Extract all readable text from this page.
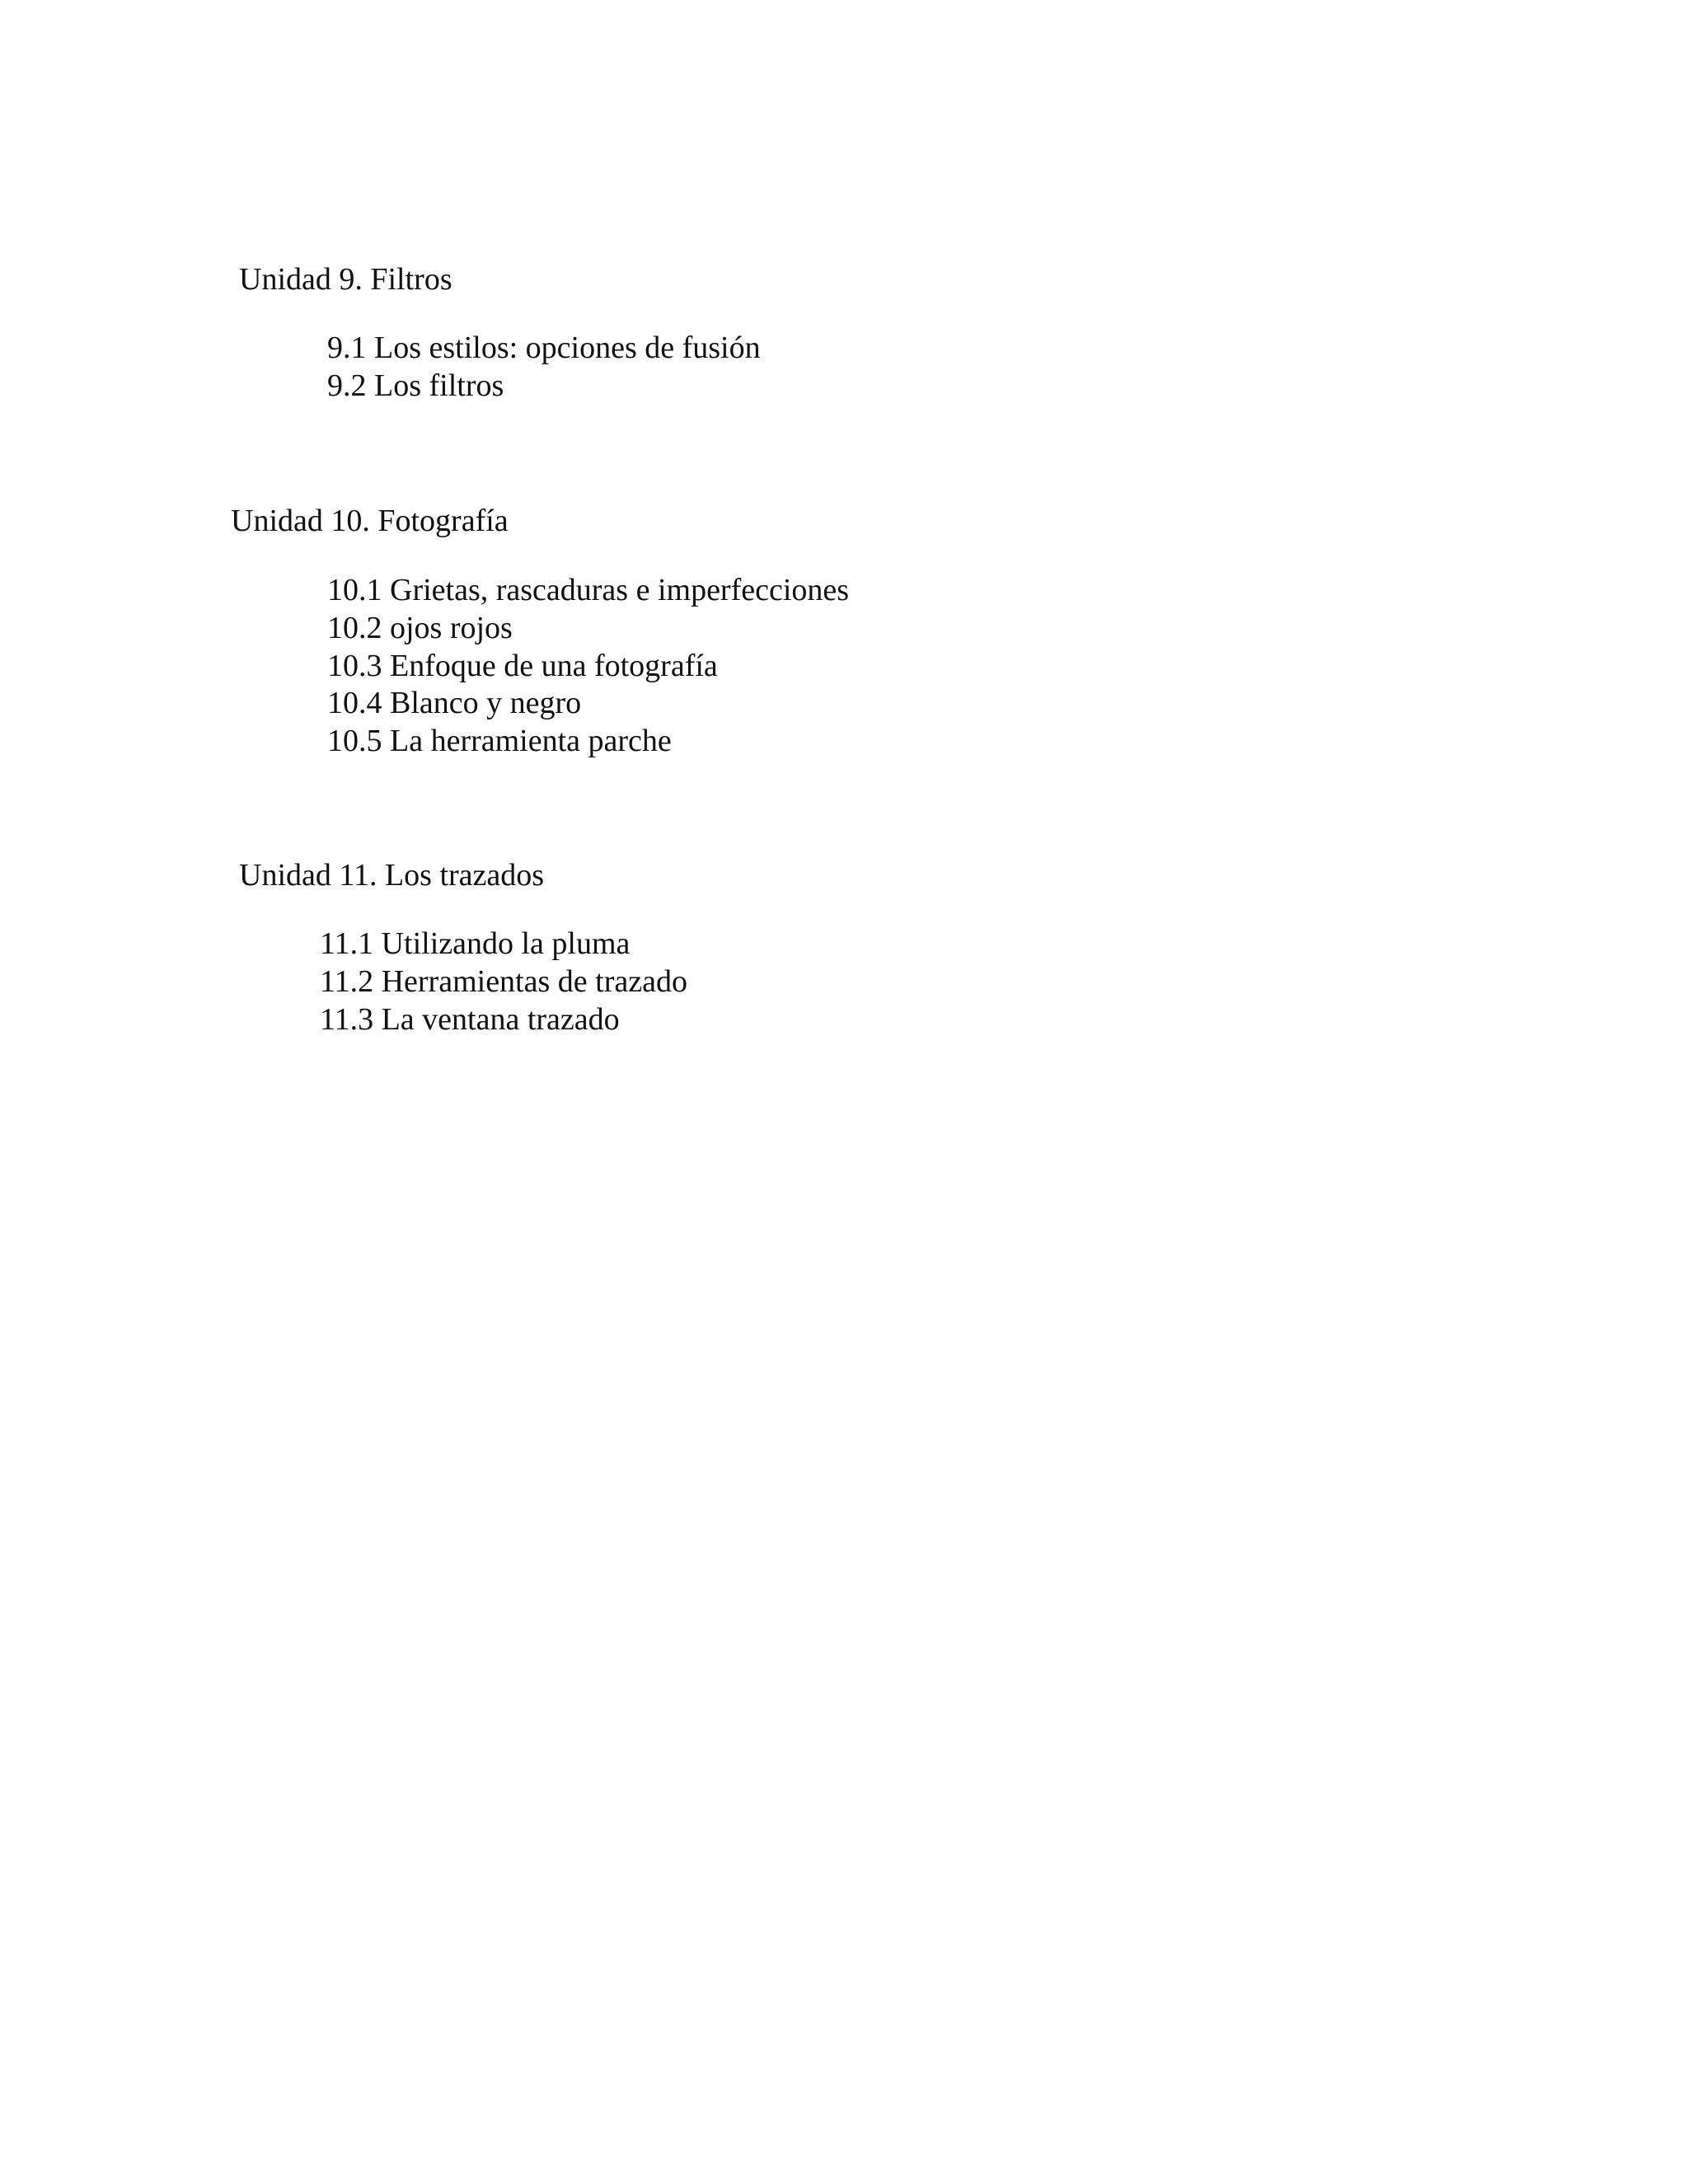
Unidad 9. Filtros
9.1 Los estilos: opciones de fusión
9.2 Los filtros
Unidad 10. Fotografía
10.1 Grietas, rascaduras e imperfecciones
10.2 ojos rojos
10.3 Enfoque de una fotografía
10.4 Blanco y negro
10.5 La herramienta parche
Unidad 11. Los trazados
11.1 Utilizando la pluma
11.2 Herramientas de trazado
11.3 La ventana trazado
